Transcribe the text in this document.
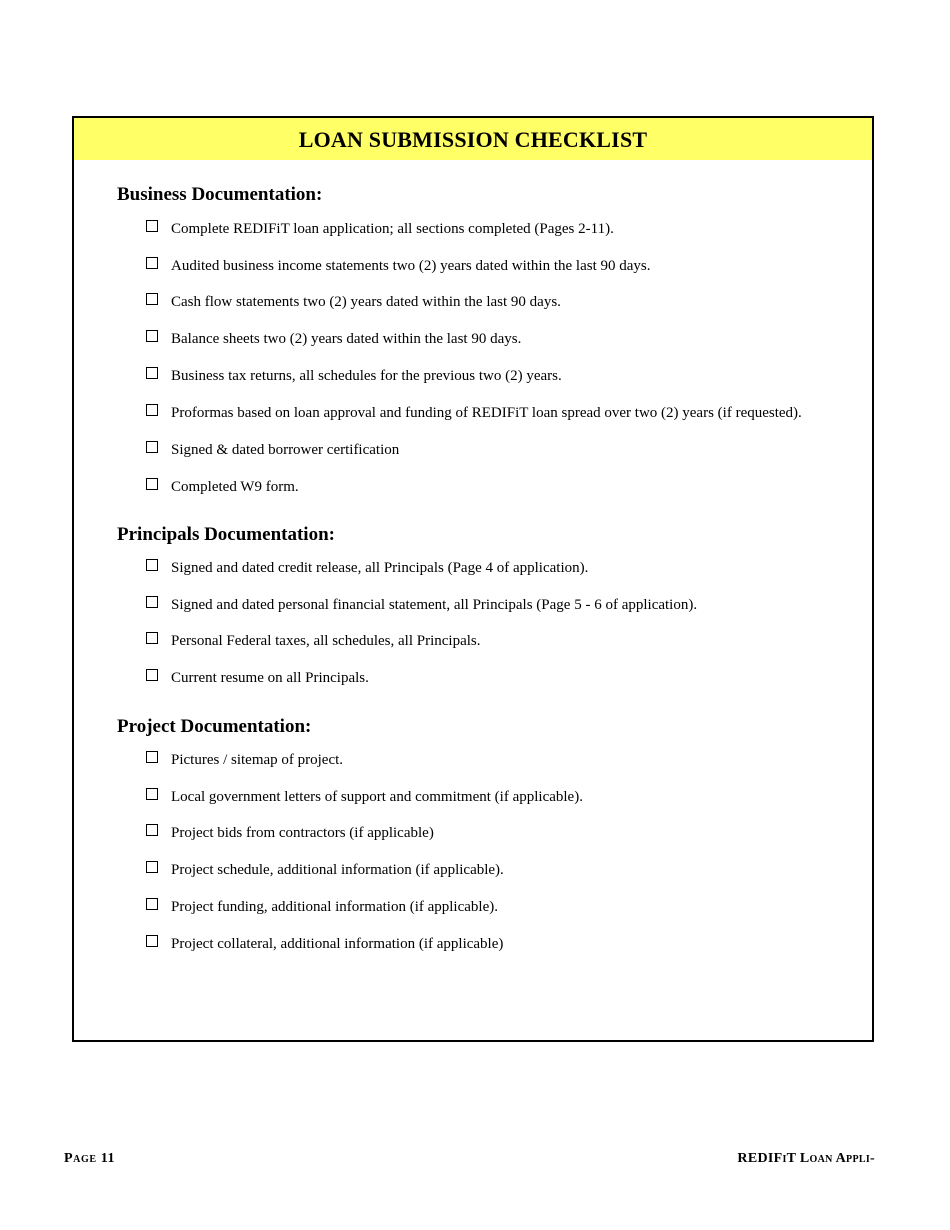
LOAN SUBMISSION CHECKLIST
Business Documentation:
Complete REDIFiT loan application; all sections completed (Pages 2-11).
Audited business income statements two (2) years dated within the last 90 days.
Cash flow statements two (2) years dated within the last 90 days.
Balance sheets two (2) years dated within the last 90 days.
Business tax returns, all schedules for the previous two (2) years.
Proformas based on loan approval and funding of REDIFiT loan spread over two (2) years (if requested).
Signed & dated borrower certification
Completed W9 form.
Principals Documentation:
Signed and dated credit release, all Principals (Page 4 of application).
Signed and dated personal financial statement, all Principals (Page 5 - 6 of application).
Personal Federal taxes, all schedules, all Principals.
Current resume on all Principals.
Project Documentation:
Pictures / sitemap of project.
Local government letters of support and commitment (if applicable).
Project bids from contractors (if applicable)
Project schedule, additional information (if applicable).
Project funding, additional information (if applicable).
Project collateral, additional information (if applicable)
Page 11	REDIFiT Loan Appli-
